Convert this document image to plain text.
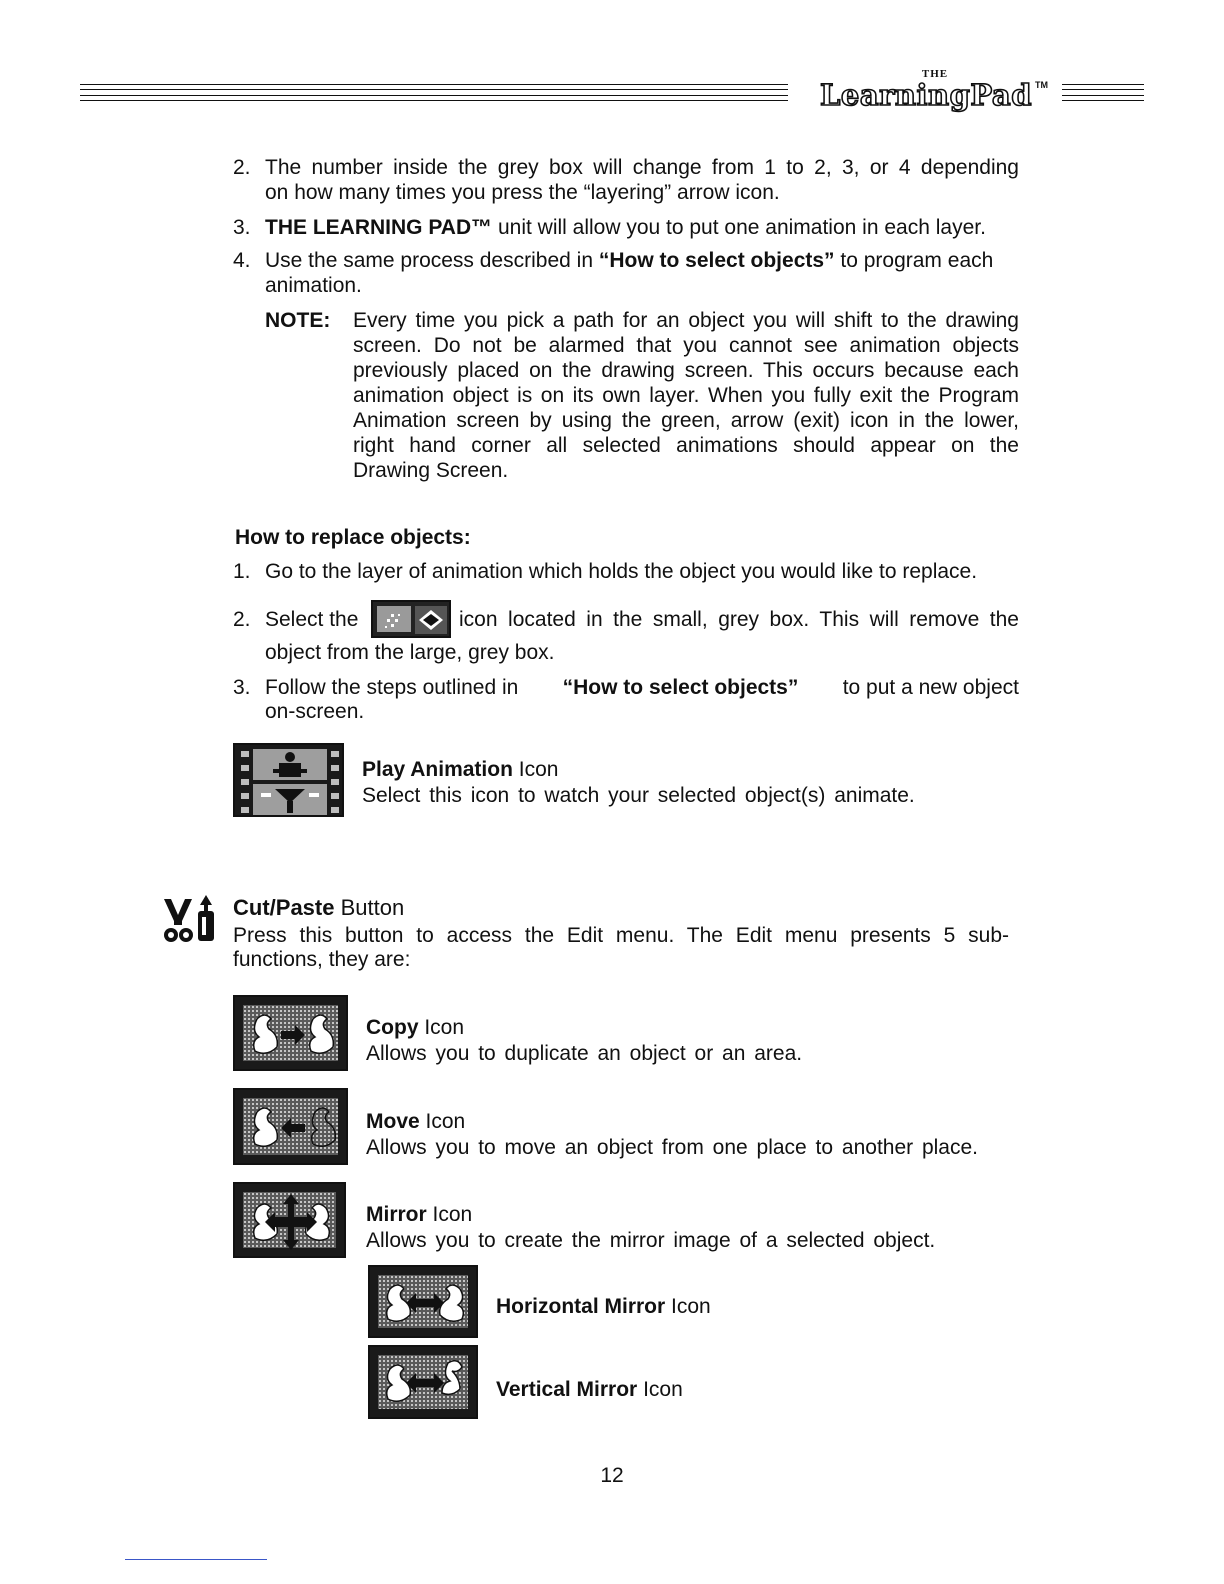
THE
LearningPad TM
2. The number inside the grey box will change from 1 to 2, 3, or 4 depending
on how many times you press the “layering” arrow icon.
3. THE LEARNING PAD™ unit will allow you to put one animation in each layer.
4. Use the same process described in “How to select objects” to program each
animation.
NOTE: Every time you pick a path for an object you will shift to the drawing
screen. Do not be alarmed that you cannot see animation objects
previously placed on the drawing screen. This occurs because each
animation object is on its own layer. When you fully exit the Program
Animation screen by using the green, arrow (exit) icon in the lower,
right hand corner all selected animations should appear on the
Drawing Screen.
How to replace objects:
1. Go to the layer of animation which holds the object you would like to replace.
2. Select the	icon located in the small, grey box. This will remove the
object from the large, grey box.
3. Follow the steps outlined in “How to select objects” to put a new object
on-screen.
Play Animation Icon
Select this icon to watch your selected object(s) animate.
Cut/Paste Button
Press this button to access the Edit menu. The Edit menu presents 5 sub-
functions, they are:
Copy Icon
Allows you to duplicate an object or an area.
Move Icon
Allows you to move an object from one place to another place.
Mirror Icon
Allows you to create the mirror image of a selected object.
Horizontal Mirror Icon
Vertical Mirror Icon
12
